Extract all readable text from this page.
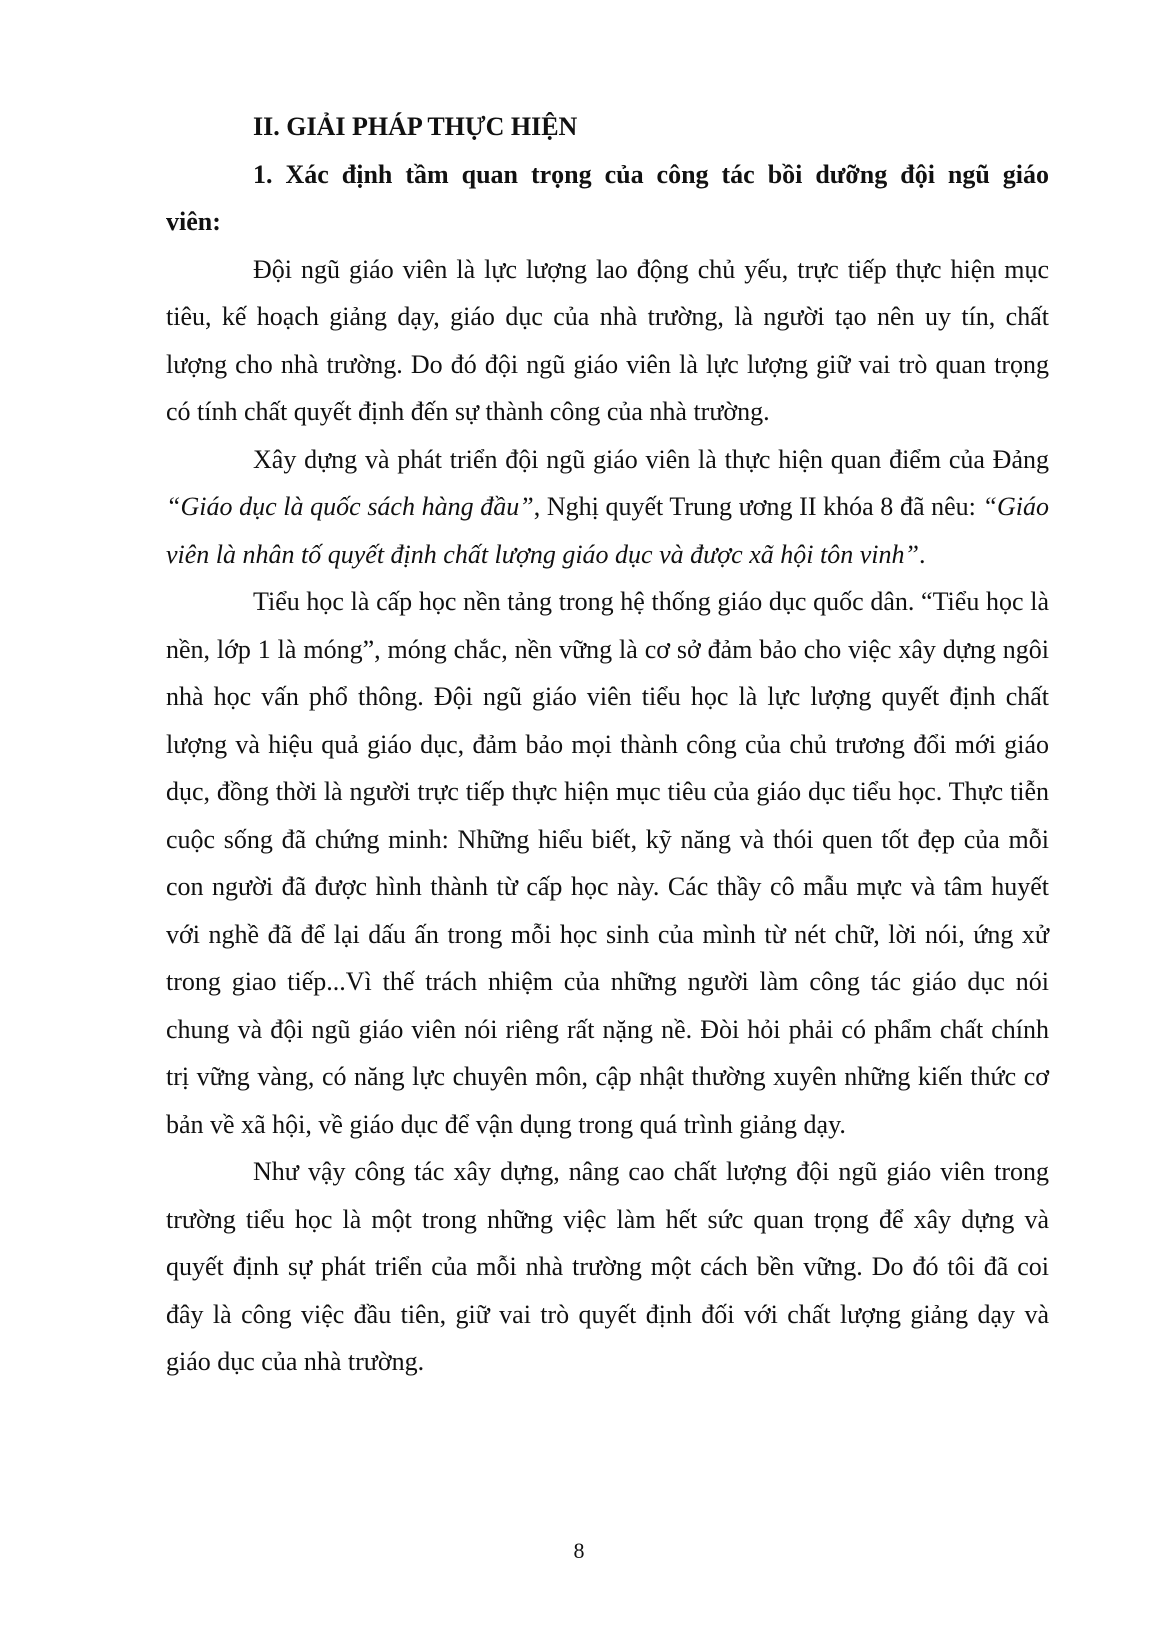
II. GIẢI PHÁP THỰC HIỆN

1. Xác định tầm quan trọng của công tác bồi dưỡng đội ngũ giáo viên:

Đội ngũ giáo viên là lực lượng lao động chủ yếu, trực tiếp thực hiện mục tiêu, kế hoạch giảng dạy, giáo dục của nhà trường, là người tạo nên uy tín, chất lượng cho nhà trường. Do đó đội ngũ giáo viên là lực lượng giữ vai trò quan trọng có tính chất quyết định đến sự thành công của nhà trường.

Xây dựng và phát triển đội ngũ giáo viên là thực hiện quan điểm của Đảng “Giáo dục là quốc sách hàng đầu”, Nghị quyết Trung ương II khóa 8 đã nêu: “Giáo viên là nhân tố quyết định chất lượng giáo dục và được xã hội tôn vinh”.

Tiểu học là cấp học nền tảng trong hệ thống giáo dục quốc dân. “Tiểu học là nền, lớp 1 là móng”, móng chắc, nền vững là cơ sở đảm bảo cho việc xây dựng ngôi nhà học vấn phổ thông. Đội ngũ giáo viên tiểu học là lực lượng quyết định chất lượng và hiệu quả giáo dục, đảm bảo mọi thành công của chủ trương đổi mới giáo dục, đồng thời là người trực tiếp thực hiện mục tiêu của giáo dục tiểu học. Thực tiễn cuộc sống đã chứng minh: Những hiểu biết, kỹ năng và thói quen tốt đẹp của mỗi con người đã được hình thành từ cấp học này. Các thầy cô mẫu mực và tâm huyết với nghề đã để lại dấu ấn trong mỗi học sinh của mình từ nét chữ, lời nói, ứng xử trong giao tiếp...Vì thế trách nhiệm của những người làm công tác giáo dục nói chung và đội ngũ giáo viên nói riêng rất nặng nề. Đòi hỏi phải có phẩm chất chính trị vững vàng, có năng lực chuyên môn, cập nhật thường xuyên những kiến thức cơ bản về xã hội, về giáo dục để vận dụng trong quá trình giảng dạy.

Như vậy công tác xây dựng, nâng cao chất lượng đội ngũ giáo viên trong trường tiểu học là một trong những việc làm hết sức quan trọng để xây dựng và quyết định sự phát triển của mỗi nhà trường một cách bền vững. Do đó tôi đã coi đây là công việc đầu tiên, giữ vai trò quyết định đối với chất lượng giảng dạy và giáo dục của nhà trường.

8
